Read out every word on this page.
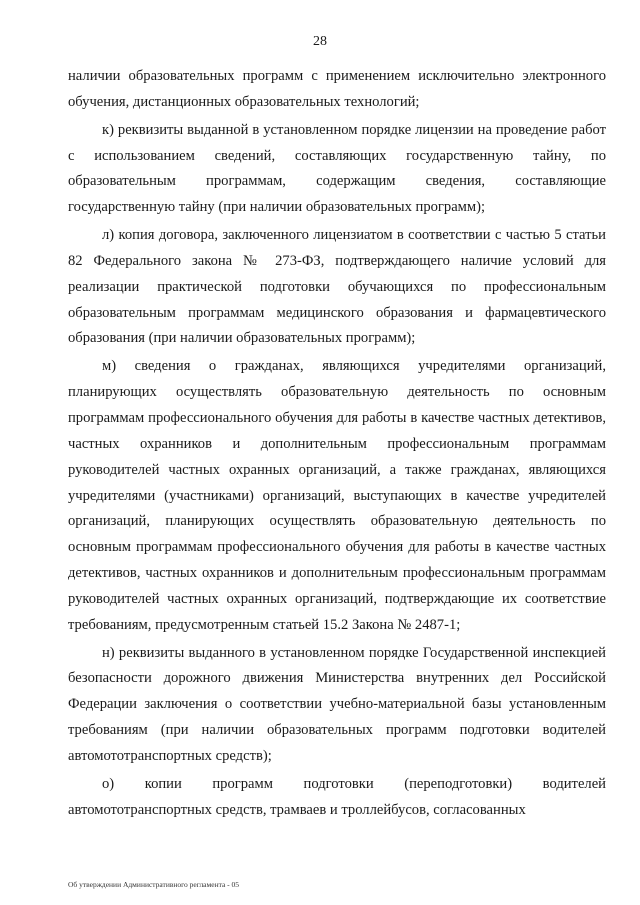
28

наличии образовательных программ с применением исключительно электронного обучения, дистанционных образовательных технологий;

к) реквизиты выданной в установленном порядке лицензии на проведение работ с использованием сведений, составляющих государственную тайну, по образовательным программам, содержащим сведения, составляющие государственную тайну (при наличии образовательных программ);

л) копия договора, заключенного лицензиатом в соответствии с частью 5 статьи 82 Федерального закона № 273-ФЗ, подтверждающего наличие условий для реализации практической подготовки обучающихся по профессиональным образовательным программам медицинского образования и фармацевтического образования (при наличии образовательных программ);

м) сведения о гражданах, являющихся учредителями организаций, планирующих осуществлять образовательную деятельность по основным программам профессионального обучения для работы в качестве частных детективов, частных охранников и дополнительным профессиональным программам руководителей частных охранных организаций, а также гражданах, являющихся учредителями (участниками) организаций, выступающих в качестве учредителей организаций, планирующих осуществлять образовательную деятельность по основным программам профессионального обучения для работы в качестве частных детективов, частных охранников и дополнительным профессиональным программам руководителей частных охранных организаций, подтверждающие их соответствие требованиям, предусмотренным статьей 15.2 Закона № 2487-1;

н) реквизиты выданного в установленном порядке Государственной инспекцией безопасности дорожного движения Министерства внутренних дел Российской Федерации заключения о соответствии учебно-материальной базы установленным требованиям (при наличии образовательных программ подготовки водителей автомототранспортных средств);

о) копии программ подготовки (переподготовки) водителей автомототранспортных средств, трамваев и троллейбусов, согласованных

Об утверждении Административного регламента - 05
